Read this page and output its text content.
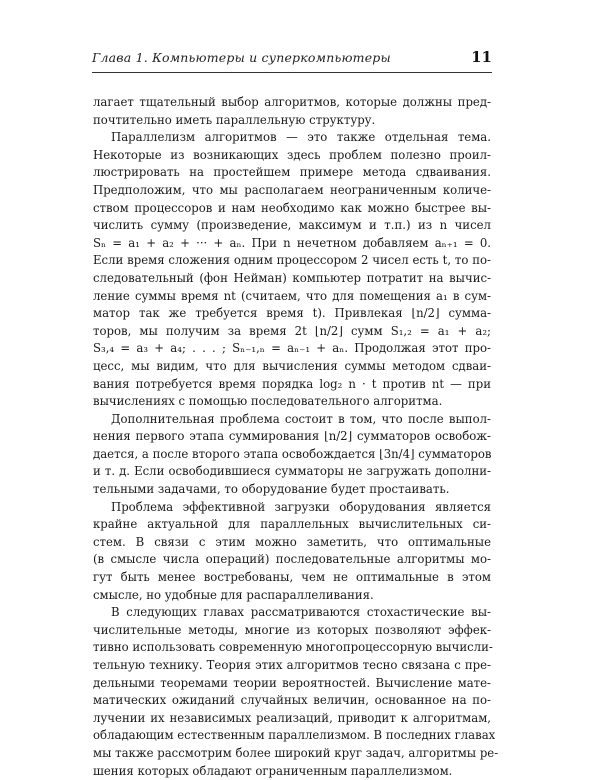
Глава 1. Компьютеры и суперкомпьютеры	11
лагает тщательный выбор алгоритмов, которые должны пред-
почтительно иметь параллельную структуру.
Параллелизм алгоритмов — это также отдельная тема.
Некоторые из возникающих здесь проблем полезно проил-
люстрировать на простейшем примере метода сдваивания.
Предположим, что мы располагаем неограниченным количе-
ством процессоров и нам необходимо как можно быстрее вы-
числить сумму (произведение, максимум и т.п.) из n чисел
Sₙ = a₁ + a₂ + ··· + aₙ. При n нечетном добавляем aₙ₊₁ = 0.
Если время сложения одним процессором 2 чисел есть t, то по-
следовательный (фон Нейман) компьютер потратит на вычис-
ление суммы время nt (считаем, что для помещения a₁ в сум-
матор так же требуется время t). Привлекая ⌊n/2⌋ сумма-
торов, мы получим за время 2t ⌊n/2⌋ сумм S₁,₂ = a₁ + a₂;
S₃,₄ = a₃ + a₄; . . . ; Sₙ₋₁,ₙ = aₙ₋₁ + aₙ. Продолжая этот про-
цесс, мы видим, что для вычисления суммы методом сдваи-
вания потребуется время порядка log₂ n · t против nt — при
вычислениях с помощью последовательного алгоритма.
Дополнительная проблема состоит в том, что после выпол-
нения первого этапа суммирования ⌊n/2⌋ сумматоров освобож-
дается, а после второго этапа освобождается ⌊3n/4⌋ сумматоров
и т. д. Если освободившиеся сумматоры не загружать дополни-
тельными задачами, то оборудование будет простаивать.
Проблема эффективной загрузки оборудования является
крайне актуальной для параллельных вычислительных си-
стем. В связи с этим можно заметить, что оптимальные
(в смысле числа операций) последовательные алгоритмы мо-
гут быть менее востребованы, чем не оптимальные в этом
смысле, но удобные для распараллеливания.
В следующих главах рассматриваются стохастические вы-
числительные методы, многие из которых позволяют эффек-
тивно использовать современную многопроцессорную вычисли-
тельную технику. Теория этих алгоритмов тесно связана с пре-
дельными теоремами теории вероятностей. Вычисление мате-
матических ожиданий случайных величин, основанное на по-
лучении их независимых реализаций, приводит к алгоритмам,
обладающим естественным параллелизмом. В последних главах
мы также рассмотрим более широкий круг задач, алгоритмы ре-
шения которых обладают ограниченным параллелизмом.
